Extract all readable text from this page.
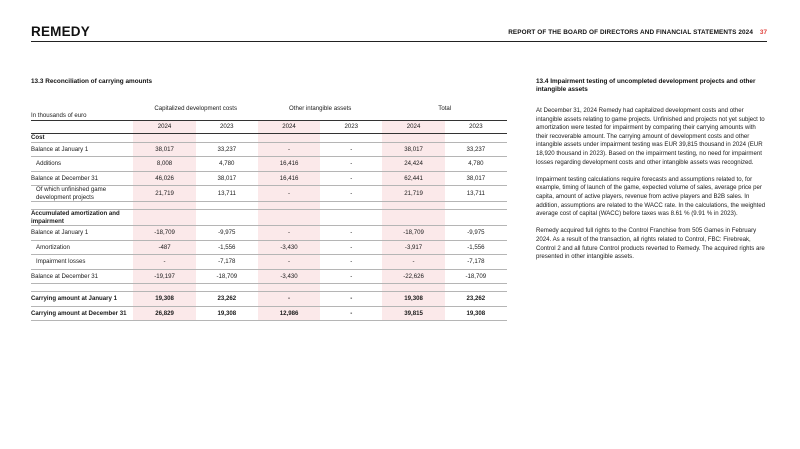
REMEDY	REPORT OF THE BOARD OF DIRECTORS AND FINANCIAL STATEMENTS 2024 37
13.3 Reconciliation of carrying amounts
In thousands of euro	Capitalized development costs		Other intangible assets		Total	
	2024	2023	2024	2023	2024	2023
Cost						
Balance at January 1	38,017	33,237	-	-	38,017	33,237
Additions	8,008	4,780	16,416	-	24,424	4,780
Balance at December 31	46,026	38,017	16,416	-	62,441	38,017
Of which unfinished game development projects	21,719	13,711	-	-	21,719	13,711

Accumulated amortization and impairment						
Balance at January 1	-18,709	-9,975	-	-	-18,709	-9,975
Amortization	-487	-1,556	-3,430	-	-3,917	-1,556
Impairment losses	-	-7,178	-	-	-	-7,178
Balance at December 31	-19,197	-18,709	-3,430	-	-22,626	-18,709

Carrying amount at January 1	19,308	23,262	-	-	19,308	23,262
Carrying amount at December 31	26,829	19,308	12,986	-	39,815	19,308
13.4 Impairment testing of uncompleted development projects and other intangible assets

At December 31, 2024 Remedy had capitalized development costs and other intangible assets relating to game projects. Unfinished and projects not yet subject to amortization were tested for impairment by comparing their carrying amounts with their recoverable amount. The carrying amount of development costs and other intangible assets under impairment testing was EUR 39,815 thousand in 2024 (EUR 18,920 thousand in 2023). Based on the impairment testing, no need for impairment losses regarding development costs and other intangible assets was recognized.

Impairment testing calculations require forecasts and assumptions related to, for example, timing of launch of the game, expected volume of sales, average price per capita, amount of active players, revenue from active players and B2B sales. In addition, assumptions are related to the WACC rate. In the calculations, the weighted average cost of capital (WACC) before taxes was 8.61 % (9.91 % in 2023).

Remedy acquired full rights to the Control Franchise from 505 Games in February 2024. As a result of the transaction, all rights related to Control, FBC: Firebreak, Control 2 and all future Control products reverted to Remedy. The acquired rights are presented in other intangible assets.
